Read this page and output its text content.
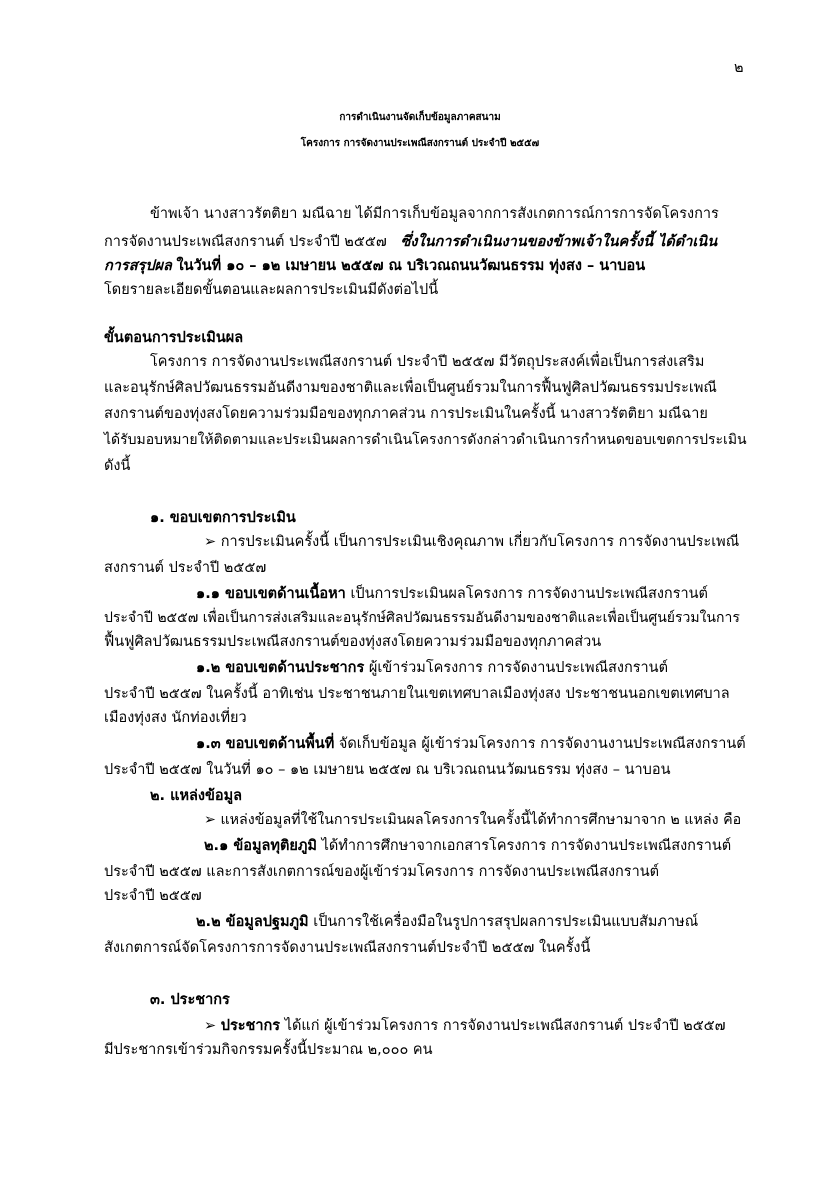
๒
การดำเนินงานจัดเก็บข้อมูลภาคสนาม
โครงการ การจัดงานประเพณีสงกรานต์ ประจำปี ๒๕๕๗
ข้าพเจ้า นางสาวรัตติยา มณีฉาย ได้มีการเก็บข้อมูลจากการสังเกตการณ์การการจัดโครงการ
การจัดงานประเพณีสงกรานต์ ประจำปี ๒๕๕๗ ซึ่งในการดำเนินงานของข้าพเจ้าในครั้งนี้ ได้ดำเนิน
การสรุปผล ในวันที่ ๑๐ – ๑๒ เมษายน ๒๕๕๗ ณ บริเวณถนนวัฒนธรรม ทุ่งสง – นาบอน
โดยรายละเอียดขั้นตอนและผลการประเมินมีดังต่อไปนี้
ขั้นตอนการประเมินผล
โครงการ การจัดงานประเพณีสงกรานต์ ประจำปี ๒๕๕๗ มีวัตถุประสงค์เพื่อเป็นการส่งเสริม
และอนุรักษ์ศิลปวัฒนธรรมอันดีงามของชาติและเพื่อเป็นศูนย์รวมในการฟื้นฟูศิลปวัฒนธรรมประเพณี
สงกรานต์ของทุ่งสงโดยความร่วมมือของทุกภาคส่วน การประเมินในครั้งนี้ นางสาวรัตติยา มณีฉาย
ได้รับมอบหมายให้ติดตามและประเมินผลการดำเนินโครงการดังกล่าวดำเนินการกำหนดขอบเขตการประเมิน
ดังนี้
๑. ขอบเขตการประเมิน
➢ การประเมินครั้งนี้ เป็นการประเมินเชิงคุณภาพ เกี่ยวกับโครงการ การจัดงานประเพณี
สงกรานต์ ประจำปี ๒๕๕๗
๑.๑ ขอบเขตด้านเนื้อหา เป็นการประเมินผลโครงการ การจัดงานประเพณีสงกรานต์
ประจำปี ๒๕๕๗ เพื่อเป็นการส่งเสริมและอนุรักษ์ศิลปวัฒนธรรมอันดีงามของชาติและเพื่อเป็นศูนย์รวมในการ
ฟื้นฟูศิลปวัฒนธรรมประเพณีสงกรานต์ของทุ่งสงโดยความร่วมมือของทุกภาคส่วน
๑.๒ ขอบเขตด้านประชากร ผู้เข้าร่วมโครงการ การจัดงานประเพณีสงกรานต์
ประจำปี ๒๕๕๗ ในครั้งนี้ อาทิเช่น ประชาชนภายในเขตเทศบาลเมืองทุ่งสง ประชาชนนอกเขตเทศบาล
เมืองทุ่งสง นักท่องเที่ยว
๑.๓ ขอบเขตด้านพื้นที่ จัดเก็บข้อมูล ผู้เข้าร่วมโครงการ การจัดงานงานประเพณีสงกรานต์
ประจำปี ๒๕๕๗ ในวันที่ ๑๐ – ๑๒ เมษายน ๒๕๕๗ ณ บริเวณถนนวัฒนธรรม ทุ่งสง – นาบอน
๒. แหล่งข้อมูล
➢ แหล่งข้อมูลที่ใช้ในการประเมินผลโครงการในครั้งนี้ได้ทำการศึกษามาจาก ๒ แหล่ง คือ
๒.๑ ข้อมูลทุติยภูมิ ได้ทำการศึกษาจากเอกสารโครงการ การจัดงานประเพณีสงกรานต์
ประจำปี ๒๕๕๗ และการสังเกตการณ์ของผู้เข้าร่วมโครงการ การจัดงานประเพณีสงกรานต์
ประจำปี ๒๕๕๗
๒.๒ ข้อมูลปฐมภูมิ เป็นการใช้เครื่องมือในรูปการสรุปผลการประเมินแบบสัมภาษณ์
สังเกตการณ์จัดโครงการการจัดงานประเพณีสงกรานต์ประจำปี ๒๕๕๗ ในครั้งนี้
๓. ประชากร
➢ ประชากร ได้แก่ ผู้เข้าร่วมโครงการ การจัดงานประเพณีสงกรานต์ ประจำปี ๒๕๕๗
มีประชากรเข้าร่วมกิจกรรมครั้งนี้ประมาณ ๒,๐๐๐ คน
